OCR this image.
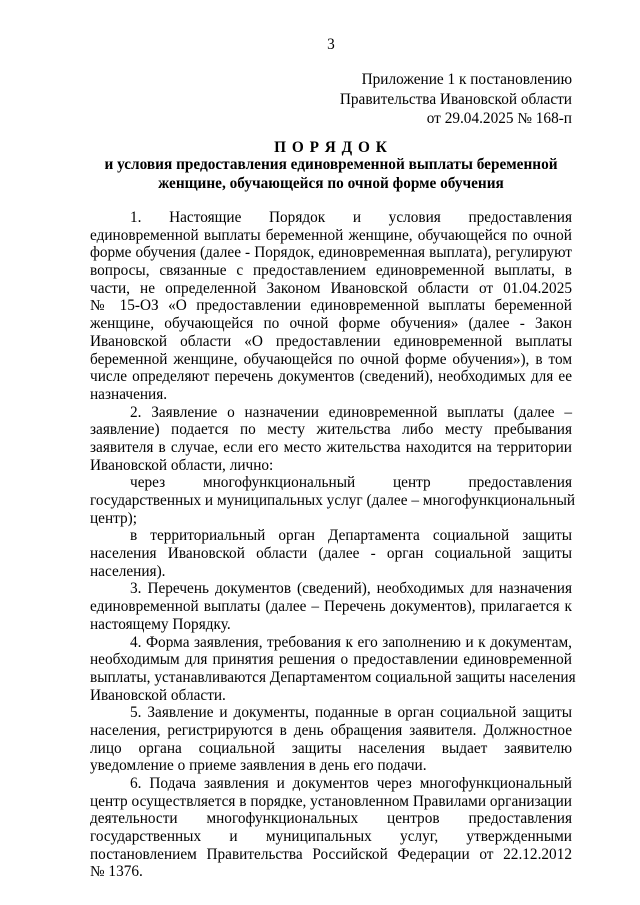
3
Приложение 1 к постановлению
Правительства Ивановской области
от 29.04.2025 № 168-п
П О Р Я Д О К
и условия предоставления единовременной выплаты беременной
женщине, обучающейся по очной форме обучения
1. Настоящие Порядок и условия предоставления
единовременной выплаты беременной женщине, обучающейся по очной
форме обучения (далее - Порядок, единовременная выплата), регулируют
вопросы, связанные с предоставлением единовременной выплаты, в
части, не определенной Законом Ивановской области от 01.04.2025
№ 15-ОЗ «О предоставлении единовременной выплаты беременной
женщине, обучающейся по очной форме обучения» (далее - Закон
Ивановской области «О предоставлении единовременной выплаты
беременной женщине, обучающейся по очной форме обучения»), в том
числе определяют перечень документов (сведений), необходимых для ее
назначения.
2. Заявление о назначении единовременной выплаты (далее –
заявление) подается по месту жительства либо месту пребывания
заявителя в случае, если его место жительства находится на территории
Ивановской области, лично:
через многофункциональный центр предоставления
государственных и муниципальных услуг (далее – многофункциональный
центр);
в территориальный орган Департамента социальной защиты
населения Ивановской области (далее - орган социальной защиты
населения).
3. Перечень документов (сведений), необходимых для назначения
единовременной выплаты (далее – Перечень документов), прилагается к
настоящему Порядку.
4. Форма заявления, требования к его заполнению и к документам,
необходимым для принятия решения о предоставлении единовременной
выплаты, устанавливаются Департаментом социальной защиты населения
Ивановской области.
5. Заявление и документы, поданные в орган социальной защиты
населения, регистрируются в день обращения заявителя. Должностное
лицо органа социальной защиты населения выдает заявителю
уведомление о приеме заявления в день его подачи.
6. Подача заявления и документов через многофункциональный
центр осуществляется в порядке, установленном Правилами организации
деятельности многофункциональных центров предоставления
государственных и муниципальных услуг, утвержденными
постановлением Правительства Российской Федерации от 22.12.2012
№ 1376.
